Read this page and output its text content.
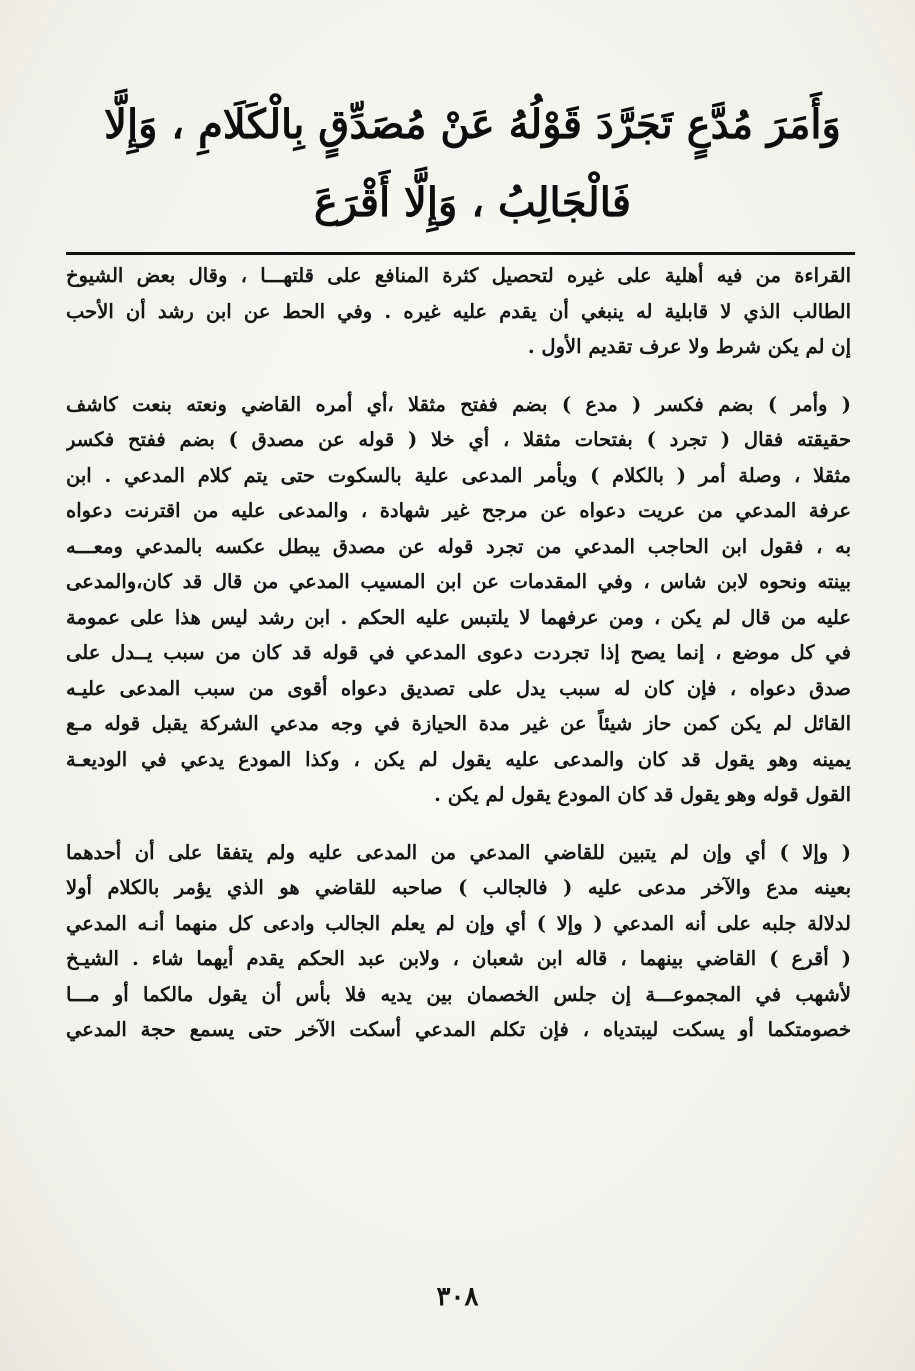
وَأَمَرَ مُدَّعٍ تَجَرَّدَ قَوْلُهُ عَنْ مُصَدِّقٍ بِالْكَلَامِ ، وَإِلَّا
فَالْجَالِبُ ، وَإِلَّا أَقْرَعَ
القراءة من فيه أهلية على غيره لتحصيل كثرة المنافع على قلتهـــا ، وقال بعض الشيوخ
الطالب الذي لا قابلية له ينبغي أن يقدم عليه غيره . وفي الحط عن ابن رشد أن الأحب
إن لم يكن شرط ولا عرف تقديم الأول .
( وأمر ) بضم فكسر ( مدع ) بضم ففتح مثقلا ،أي أمره القاضي ونعته بنعت كاشف
حقيقته فقال ( تجرد ) بفتحات مثقلا ، أي خلا ( قوله عن مصدق ) بضم ففتح فكسر
مثقلا ، وصلة أمر ( بالكلام ) ويأمر المدعى علية بالسكوت حتى يتم كلام المدعي . ابن
عرفة المدعي من عريت دعواه عن مرجح غير شهادة ، والمدعى عليه من اقترنت دعواه
به ، فقول ابن الحاجب المدعي من تجرد قوله عن مصدق يبطل عكسه بالمدعي ومعـــه
بينته ونحوه لابن شاس ، وفي المقدمات عن ابن المسيب المدعي من قال قد كان،والمدعى
عليه من قال لم يكن ، ومن عرفهما لا يلتبس عليه الحكم . ابن رشد ليس هذا على عمومة
في كل موضع ، إنما يصح إذا تجردت دعوى المدعي في قوله قد كان من سبب يــدل على
صدق دعواه ، فإن كان له سبب يدل على تصديق دعواه أقوى من سبب المدعى عليـه
القائل لم يكن كمن حاز شيئاً عن غير مدة الحيازة في وجه مدعي الشركة يقبل قوله مـع
يمينه وهو يقول قد كان والمدعى عليه يقول لم يكن ، وكذا المودع يدعي في الوديعـة
القول قوله وهو يقول قد كان المودع يقول لم يكن .
( وإلا ) أي وإن لم يتبين للقاضي المدعي من المدعى عليه ولم يتفقا على أن أحدهما
بعينه مدع والآخر مدعى عليه ( فالجالب ) صاحبه للقاضي هو الذي يؤمر بالكلام أولا
لدلالة جلبه على أنه المدعي ( وإلا ) أي وإن لم يعلم الجالب وادعى كل منهما أنـه المدعي
( أقرع ) القاضي بينهما ، قاله ابن شعبان ، ولابن عبد الحكم يقدم أيهما شاء . الشيـخ
لأشهب في المجموعـــة إن جلس الخصمان بين يديه فلا بأس أن يقول مالكما أو مـــا
خصومتكما أو يسكت ليبتدياه ، فإن تكلم المدعي أسكت الآخر حتى يسمع حجة المدعي
٣٠٨
